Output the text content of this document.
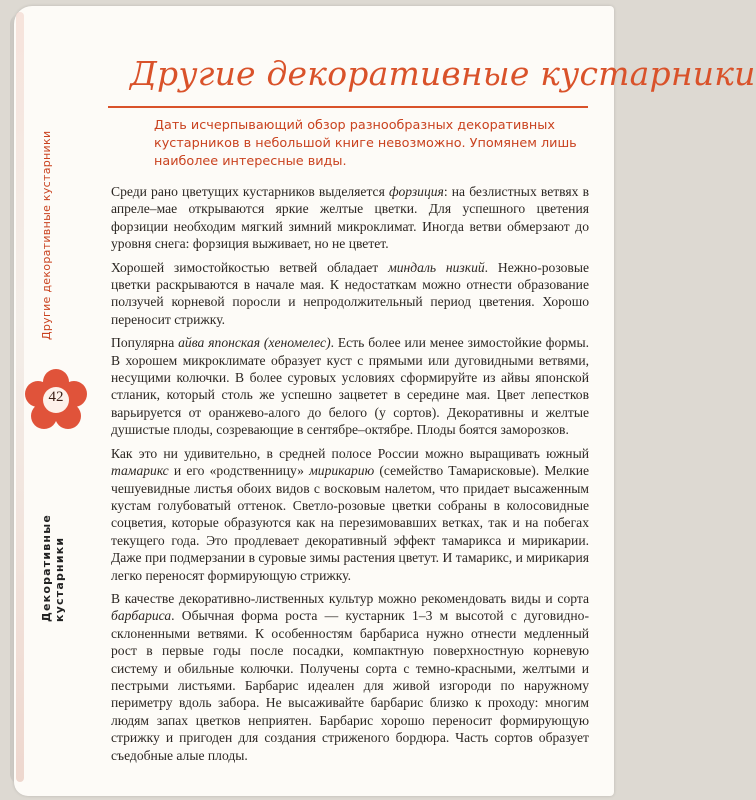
Другие декоративные кустарники
Дать исчерпывающий обзор разнообразных декоративных кустарников в небольшой книге невозможно. Упомянем лишь наиболее интересные виды.

Среди рано цветущих кустарников выделяется форзиция: на безлистных ветвях в апреле–мае открываются яркие желтые цветки. Для успешного цветения форзиции необходим мягкий зимний микроклимат. Иногда ветви обмерзают до уровня снега: форзиция выживает, но не цветет.

Хорошей зимостойкостью ветвей обладает миндаль низкий. Нежно-розовые цветки раскрываются в начале мая. К недостаткам можно отнести образование ползучей корневой поросли и непродолжительный период цветения. Хорошо переносит стрижку.

Популярна айва японская (хеномелес). Есть более или менее зимостойкие формы. В хорошем микроклимате образует куст с прямыми или дуговидными ветвями, несущими колючки. В более суровых условиях сформируйте из айвы японской стланик, который столь же успешно зацветет в середине мая. Цвет лепестков варьируется от оранжево-алого до белого (у сортов). Декоративны и желтые душистые плоды, созревающие в сентябре–октябре. Плоды боятся заморозков.

Как это ни удивительно, в средней полосе России можно выращивать южный тамарикс и его «родственницу» мирикарию (семейство Тамарисковые). Мелкие чешуевидные листья обоих видов с восковым налетом, что придает высаженным кустам голубоватый оттенок. Светло-розовые цветки собраны в колосовидные соцветия, которые образуются как на перезимовавших ветках, так и на побегах текущего года. Это продлевает декоративный эффект тамарикса и мирикарии. Даже при подмерзании в суровые зимы растения цветут. И тамарикс, и мирикария легко переносят формирующую стрижку.

В качестве декоративно-лиственных культур можно рекомендовать виды и сорта барбариса. Обычная форма роста — кустарник 1–3 м высотой с дуговидно-склоненными ветвями. К особенностям барбариса нужно отнести медленный рост в первые годы после посадки, компактную поверхностную корневую систему и обильные колючки. Получены сорта с темно-красными, желтыми и пестрыми листьями. Барбарис идеален для живой изгороди по наружному периметру вдоль забора. Не высаживайте барбарис близко к проходу: многим людям запах цветков неприятен. Барбарис хорошо переносит формирующую стрижку и пригоден для создания стриженого бордюра. Часть сортов образует съедобные алые плоды.

Другие декоративные кустарники
42
Декоративные кустарники
